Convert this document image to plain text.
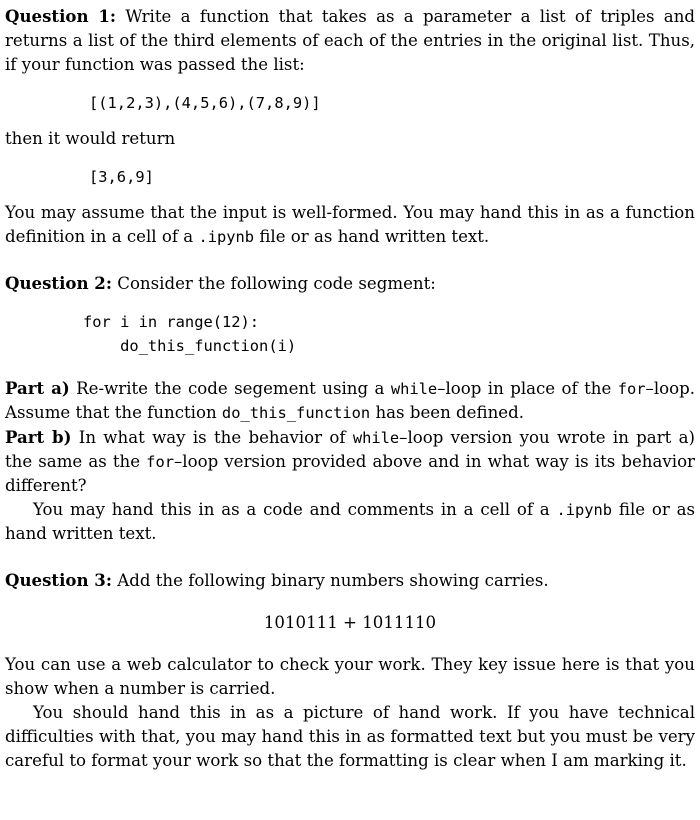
Question 1: Write a function that takes as a parameter a list of triples and returns a list of the third elements of each of the entries in the original list. Thus, if your function was passed the list:

[(1,2,3),(4,5,6),(7,8,9)]

then it would return

[3,6,9]

You may assume that the input is well-formed. You may hand this in as a function definition in a cell of a .ipynb file or as hand written text.

Question 2: Consider the following code segment:

for i in range(12):
do_this_function(i)

Part a) Re-write the code segement using a while–loop in place of the for–loop. Assume that the function do_this_function has been defined.

Part b) In what way is the behavior of while–loop version you wrote in part a) the same as the for–loop version provided above and in what way is its behavior different?

You may hand this in as a code and comments in a cell of a .ipynb file or as hand written text.

Question 3: Add the following binary numbers showing carries.

1010111 + 1011110

You can use a web calculator to check your work. They key issue here is that you show when a number is carried.

You should hand this in as a picture of hand work. If you have technical difficulties with that, you may hand this in as formatted text but you must be very careful to format your work so that the formatting is clear when I am marking it.
